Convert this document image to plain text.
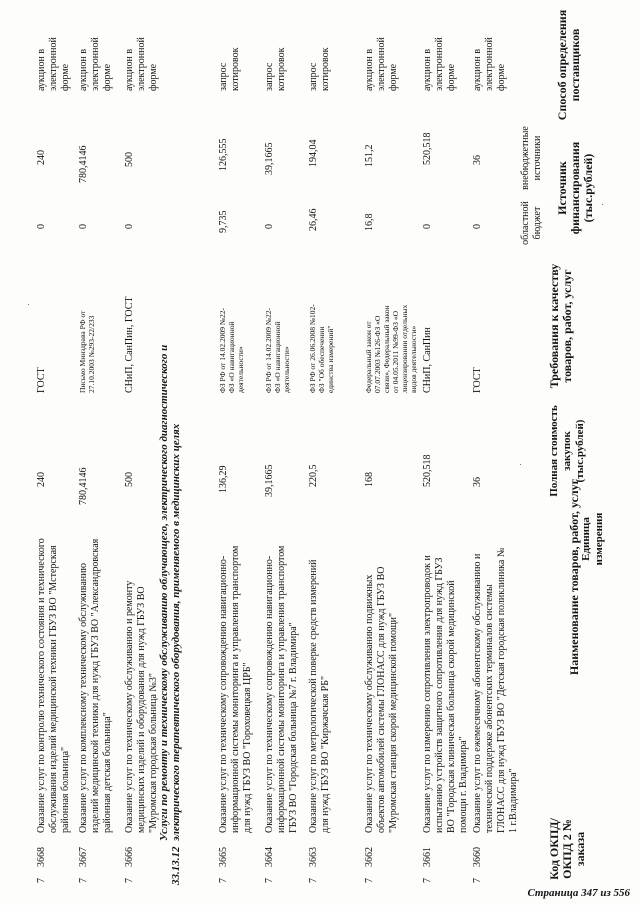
Код ОКПД/ ОКПД 2 № заказа
Наименование товаров, работ, услуг Единица измерения
Полная стоимость закупок (тыс.рублей)
Требования к качеству товаров, работ, услуг
Источник финансирования (тыс.рублей)
областной бюджет
внебюджетные источники
Способ определения поставщиков
7
3660
Оказание услуг по ежемесячному абонентскому обслуживанию и технической поддержке абонентских терминалов системы ГЛОНАСС для нужд ГБУЗ ВО "Детская городская поликлиника № 1 г.Владимира"
36
ГОСТ
0
36
аукцион в электронной форме
7
3661
Оказание услуг по измерению сопротивления электропроводок и испытанию устройств защитного сопротивления для нужд ГБУЗ ВО "Городская клиническая больница скорой медицинской помощи г. Владимира"
520,518
СНиП, СанПин
0
520,518
аукцион в электронной форме
7
3662
Оказание услуг по техническому обслуживанию подвижных объектов автомобилей системы ГЛОНАСС для нужд ГБУЗ ВО "Муромская станция скорой медицинской помощи"
168
Федеральный закон от 07.07.2003 №126-ФЗ «О связи», Федеральный закон от 04.05.2011 №99-ФЗ «О лицензировании отдельных видов деятельности»
16,8
151,2
аукцион в электронной форме
7
3663
Оказание услуг по метрологической поверке средств измерений для нужд ГБУЗ ВО "Киржачская РБ"
220,5
ФЗ РФ от 26.06.2008 №102-ФЗ "Об обеспечении единства измерений"
26,46
194,04
запрос котировок
7
3664
Оказание услуг по техническому сопровождению навигационно-информационной системы мониторинга и управления транспортом ГБУЗ ВО "Городская больница №7 г. Владимира"
39,1665
ФЗ РФ от 14.02.2009 №22-ФЗ «О навигационной деятельности»
0
39,1665
запрос котировок
7
3665
Оказание услуг по техническому сопровождению навигационно-информационной системы мониторинга и управления транспортом для нужд ГБУЗ ВО "Гороховецкая ЦРБ"
136,29
ФЗ РФ от 14.02.2009 №22-ФЗ «О навигационной деятельности»
9,735
126,555
запрос котировок
33.13.12
Услуги по ремонту и техническому обслуживанию облучающего, электрического диагностического и электрического терапевтического оборудования, применяемого в медицинских целях
7
3666
Оказание услуг по техническому обслуживанию и ремонту медицинских изделий и оборудования для нужд ГБУЗ ВО "Муромская городская больница №3"
500
СНиП, СанПин, ГОСТ
0
500
аукцион в электронной форме
7
3667
Оказание услуг по комплексному техническому обслуживанию изделий медицинской техники для нужд ГБУЗ ВО "Александровская районная детская больница"
780,4146
Письмо Минздрава РФ от 27.10.2003 №293-22/233
0
780,4146
аукцион в электронной форме
7
3668
Оказание услуг по контролю технического состояния и технического обслуживания изделий медицинской техники ГБУЗ ВО "Мстерская районная больница"
240
ГОСТ
0
240
аукцион в электронной форме
Страница 347 из 556
